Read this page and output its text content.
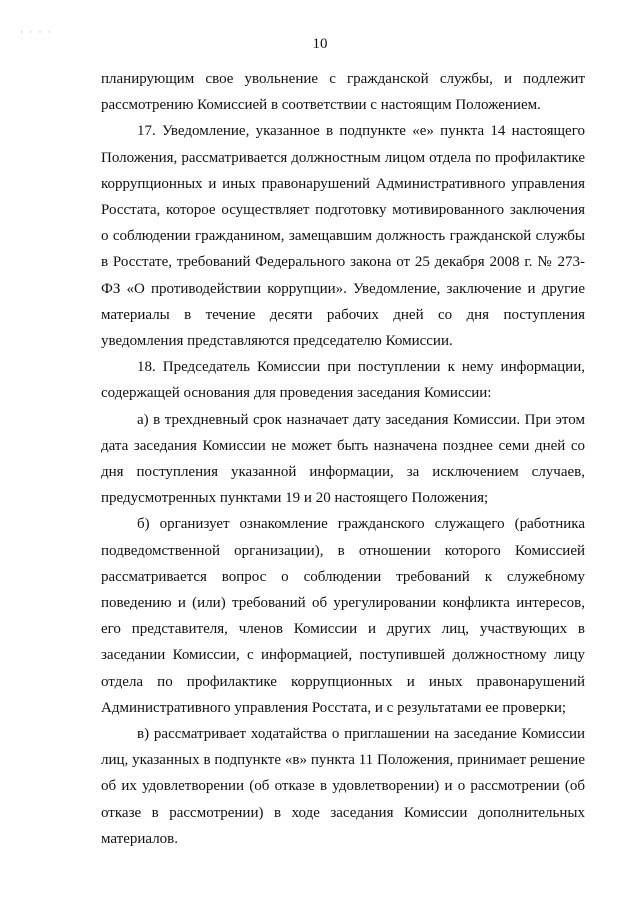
· · · ·
10

планирующим свое увольнение с гражданской службы, и подлежит рассмотрению Комиссией в соответствии с настоящим Положением.

17. Уведомление, указанное в подпункте «е» пункта 14 настоящего Положения, рассматривается должностным лицом отдела по профилактике коррупционных и иных правонарушений Административного управления Росстата, которое осуществляет подготовку мотивированного заключения о соблюдении гражданином, замещавшим должность гражданской службы в Росстате, требований Федерального закона от 25 декабря 2008 г. № 273-ФЗ «О противодействии коррупции». Уведомление, заключение и другие материалы в течение десяти рабочих дней со дня поступления уведомления представляются председателю Комиссии.

18. Председатель Комиссии при поступлении к нему информации, содержащей основания для проведения заседания Комиссии:

а) в трехдневный срок назначает дату заседания Комиссии. При этом дата заседания Комиссии не может быть назначена позднее семи дней со дня поступления указанной информации, за исключением случаев, предусмотренных пунктами 19 и 20 настоящего Положения;

б) организует ознакомление гражданского служащего (работника подведомственной организации), в отношении которого Комиссией рассматривается вопрос о соблюдении требований к служебному поведению и (или) требований об урегулировании конфликта интересов, его представителя, членов Комиссии и других лиц, участвующих в заседании Комиссии, с информацией, поступившей должностному лицу отдела по профилактике коррупционных и иных правонарушений Административного управления Росстата, и с результатами ее проверки;

в) рассматривает ходатайства о приглашении на заседание Комиссии лиц, указанных в подпункте «в» пункта 11 Положения, принимает решение об их удовлетворении (об отказе в удовлетворении) и о рассмотрении (об отказе в рассмотрении) в ходе заседания Комиссии дополнительных материалов.
